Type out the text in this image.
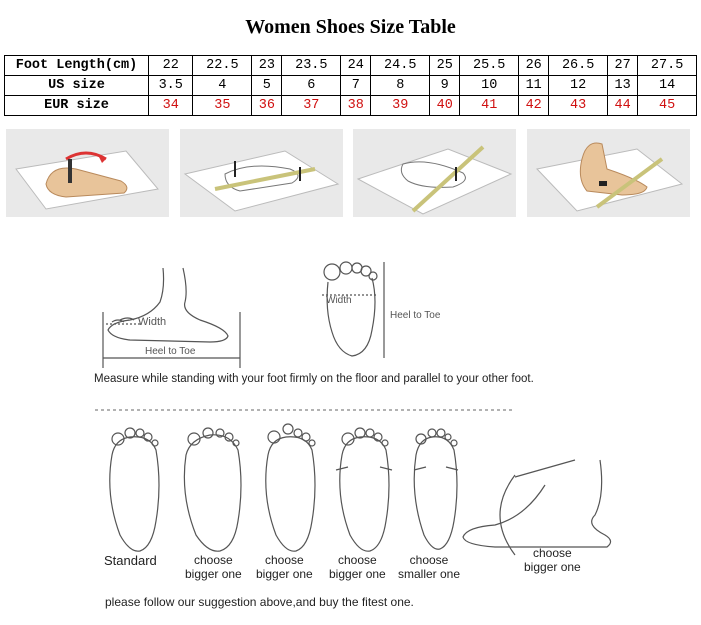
Women Shoes Size Table
Foot Length(cm)	22	22.5	23	23.5	24	24.5	25	25.5	26	26.5	27	27.5
US size	3.5	4	5	6	7	8	9	10	11	12	13	14
EUR size	34	35	36	37	38	39	40	41	42	43	44	45
Width
Heel to Toe
Width
Heel to Toe
Measure while standing with your foot firmly on the floor and parallel to your other foot.
Standard	choose
bigger one
choose
bigger one
choose
bigger one
choose
smaller one
choose
bigger one
please follow our suggestion above,and buy the fitest one.
